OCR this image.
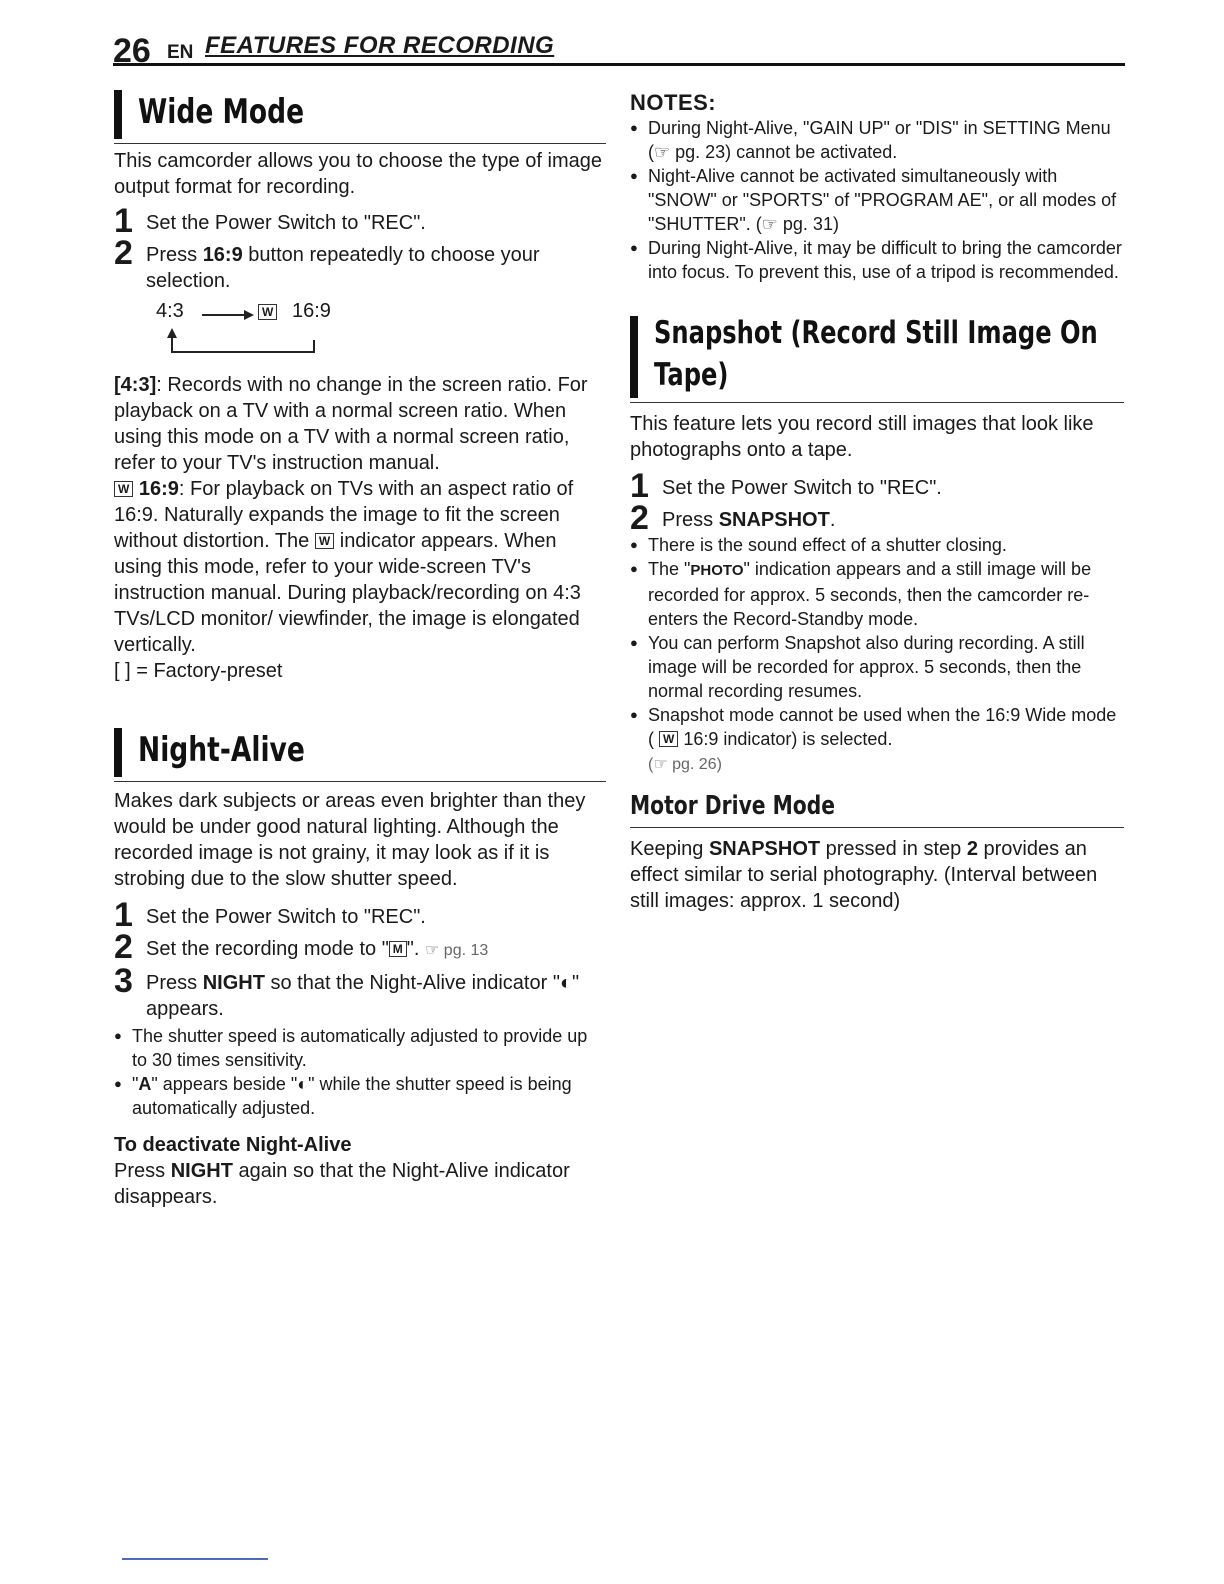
26 EN FEATURES FOR RECORDING
Wide Mode

This camcorder allows you to choose the type of image output format for recording.

1 Set the Power Switch to "REC".
2 Press 16:9 button repeatedly to choose your selection.
4:3	W 16:9

[4:3]: Records with no change in the screen ratio. For playback on a TV with a normal screen ratio. When using this mode on a TV with a normal screen ratio, refer to your TV's instruction manual.

W 16:9: For playback on TVs with an aspect ratio of 16:9. Naturally expands the image to fit the screen without distortion. The W indicator appears. When using this mode, refer to your wide-screen TV's instruction manual. During playback/recording on 4:3 TVs/LCD monitor/ viewfinder, the image is elongated vertically.

[ ] = Factory-preset

Night-Alive

Makes dark subjects or areas even brighter than they would be under good natural lighting. Although the recorded image is not grainy, it may look as if it is strobing due to the slow shutter speed.

1 Set the Power Switch to "REC".
2 Set the recording mode to " M ". ☞ pg. 13
3 Press NIGHT so that the Night-Alive indicator "◐" appears.
● The shutter speed is automatically adjusted to provide up to 30 times sensitivity.
● "A" appears beside "◐" while the shutter speed is being automatically adjusted.

To deactivate Night-Alive

Press NIGHT again so that the Night-Alive indicator disappears.

NOTES:
● During Night-Alive, "GAIN UP" or "DIS" in SETTING Menu (☞ pg. 23) cannot be activated.
● Night-Alive cannot be activated simultaneously with "SNOW" or "SPORTS" of "PROGRAM AE", or all modes of "SHUTTER". (☞ pg. 31)
● During Night-Alive, it may be difficult to bring the camcorder into focus. To prevent this, use of a tripod is recommended.
Snapshot (Record Still Image On Tape)

This feature lets you record still images that look like photographs onto a tape.

1 Set the Power Switch to "REC".
2 Press SNAPSHOT.
● There is the sound effect of a shutter closing.
● The "PHOTO" indication appears and a still image will be recorded for approx. 5 seconds, then the camcorder re-enters the Record-Standby mode.
● You can perform Snapshot also during recording. A still image will be recorded for approx. 5 seconds, then the normal recording resumes.
● Snapshot mode cannot be used when the 16:9 Wide mode ( W 16:9 indicator) is selected.
(☞ pg. 26)
Motor Drive Mode

Keeping SNAPSHOT pressed in step 2 provides an effect similar to serial photography. (Interval between still images: approx. 1 second)
